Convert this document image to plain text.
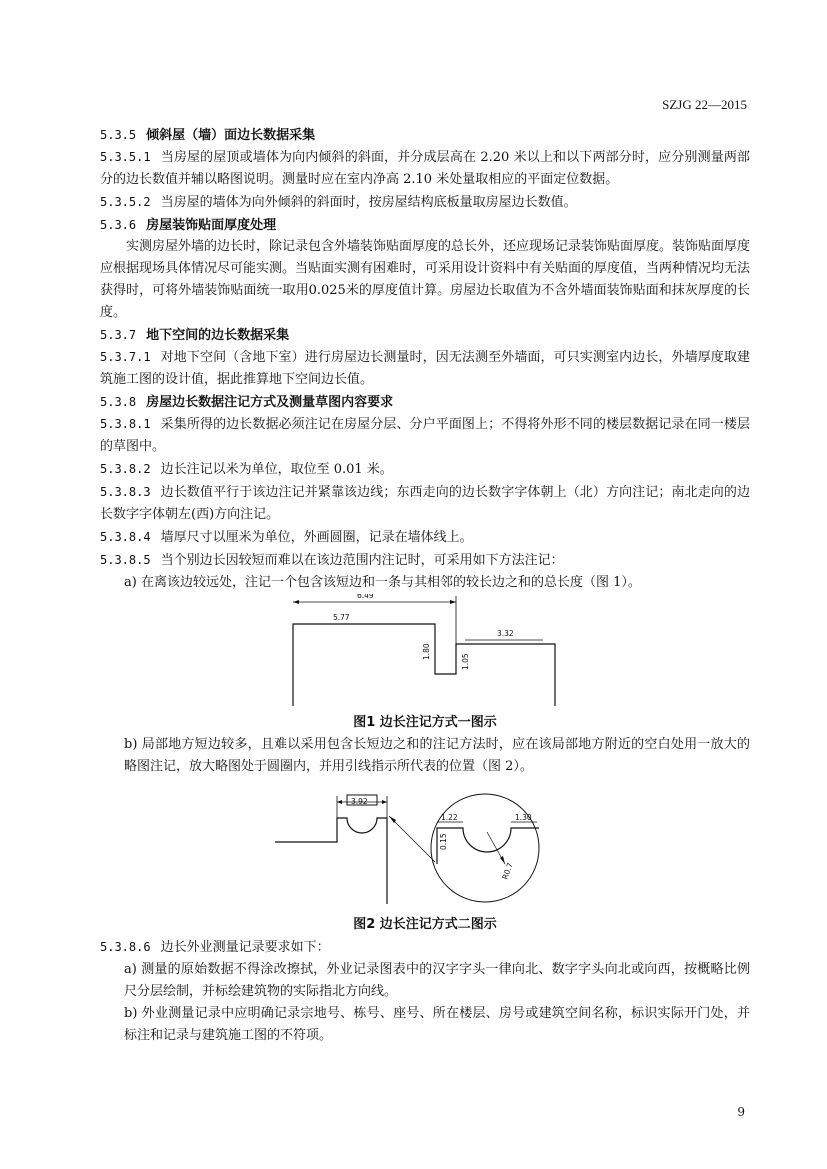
SZJG 22—2015

5.3.5 倾斜屋（墙）面边长数据采集

5.3.5.1 当房屋的屋顶或墙体为向内倾斜的斜面，并分成层高在 2.20 米以上和以下两部分时，应分别测量两部分的边长数值并辅以略图说明。测量时应在室内净高 2.10 米处量取相应的平面定位数据。

5.3.5.2 当房屋的墙体为向外倾斜的斜面时，按房屋结构底板量取房屋边长数值。

5.3.6 房屋装饰贴面厚度处理

实测房屋外墙的边长时，除记录包含外墙装饰贴面厚度的总长外，还应现场记录装饰贴面厚度。装饰贴面厚度应根据现场具体情况尽可能实测。当贴面实测有困难时，可采用设计资料中有关贴面的厚度值，当两种情况均无法获得时，可将外墙装饰贴面统一取用0.025米的厚度值计算。房屋边长取值为不含外墙面装饰贴面和抹灰厚度的长度。

5.3.7 地下空间的边长数据采集

5.3.7.1 对地下空间（含地下室）进行房屋边长测量时，因无法测至外墙面，可只实测室内边长，外墙厚度取建筑施工图的设计值，据此推算地下空间边长值。

5.3.8 房屋边长数据注记方式及测量草图内容要求

5.3.8.1 采集所得的边长数据必须注记在房屋分层、分户平面图上；不得将外形不同的楼层数据记录在同一楼层的草图中。

5.3.8.2 边长注记以米为单位，取位至 0.01 米。

5.3.8.3 边长数值平行于该边注记并紧靠该边线；东西走向的边长数字字体朝上（北）方向注记；南北走向的边长数字字体朝左(西)方向注记。

5.3.8.4 墙厚尺寸以厘米为单位，外画圆圈，记录在墙体线上。

5.3.8.5 当个别边长因较短而难以在该边范围内注记时，可采用如下方法注记：

a) 在离该边较远处，注记一个包含该短边和一条与其相邻的较长边之和的总长度（图 1）。

6.49
5.77
3.32
1.80
1.05

图1 边长注记方式一图示

b) 局部地方短边较多，且难以采用包含长短边之和的注记方法时，应在该局部地方附近的空白处用一放大的略图注记，放大略图处于圆圈内，并用引线指示所代表的位置（图 2）。

3.92
1.22	1.30
0.15
R0.7

图2 边长注记方式二图示

5.3.8.6 边长外业测量记录要求如下：

a) 测量的原始数据不得涂改擦拭，外业记录图表中的汉字字头一律向北、数字字头向北或向西，按概略比例尺分层绘制，并标绘建筑物的实际指北方向线。

b) 外业测量记录中应明确记录宗地号、栋号、座号、所在楼层、房号或建筑空间名称，标识实际开门处，并标注和记录与建筑施工图的不符项。

9
